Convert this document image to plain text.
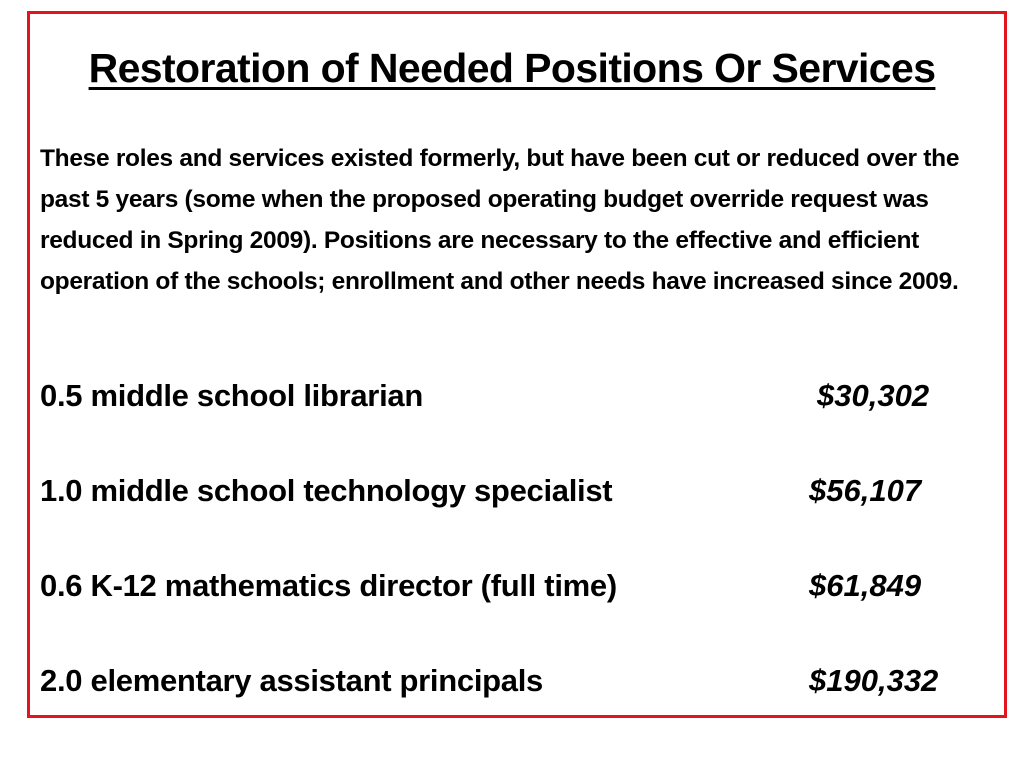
Restoration of Needed Positions Or Services

These roles and services existed formerly, but have been cut or reduced over the past 5 years (some when the proposed operating budget override request was reduced in Spring 2009). Positions are necessary to the effective and efficient operation of the schools; enrollment and other needs have increased since 2009.

0.5 middle school librarian	$30,302
1.0 middle school technology specialist	$56,107
0.6 K-12 mathematics director (full time)	$61,849
2.0 elementary assistant principals	$190,332
